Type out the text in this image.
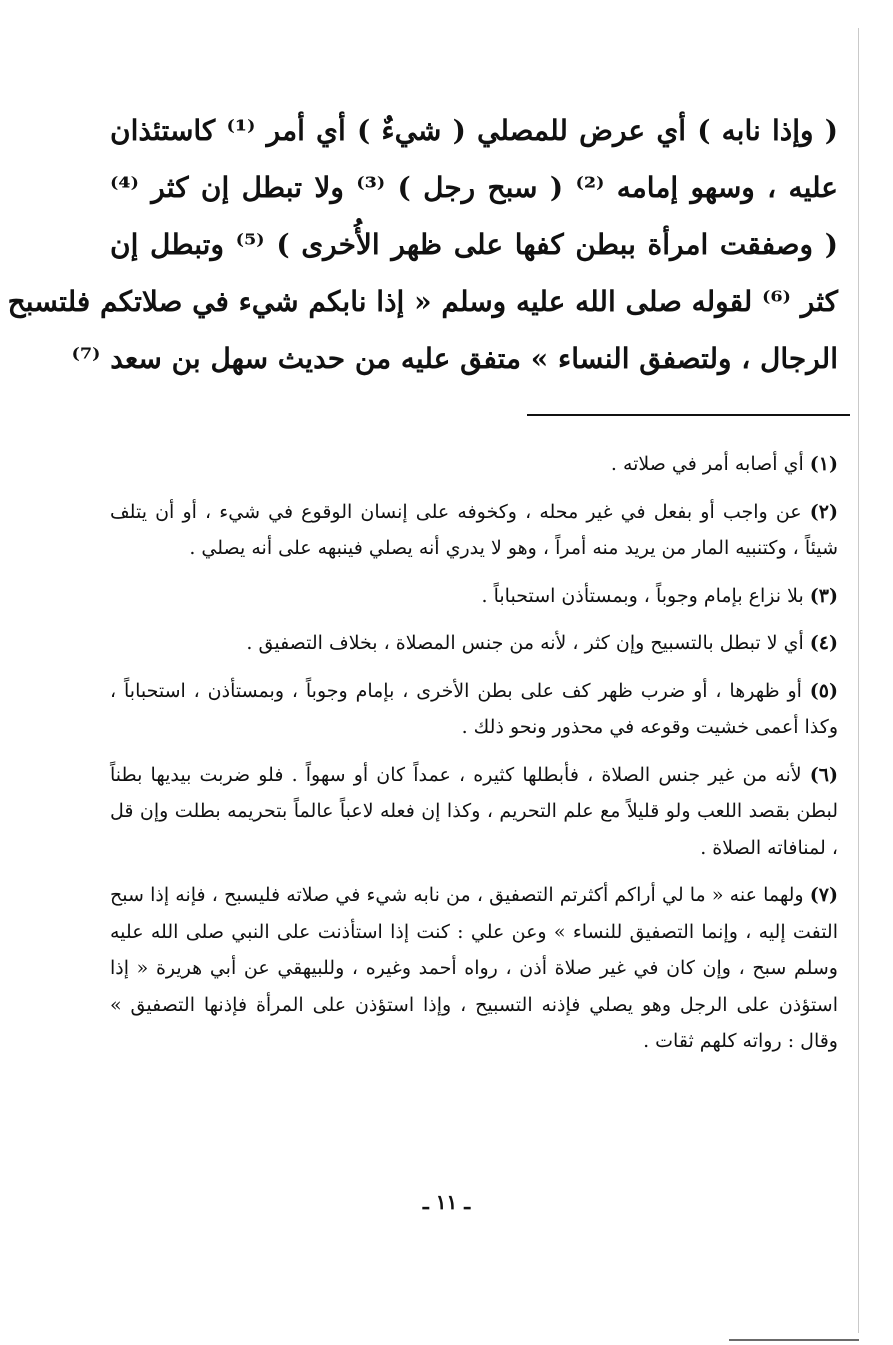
( وإذا نابه ) أي عرض للمصلي ( شيءٌ ) أي أمر ⁽¹⁾ كاستئذان
عليه ، وسهو إمامه ⁽²⁾ ( سبح رجل ) ⁽³⁾ ولا تبطل إن كثر ⁽⁴⁾
( وصفقت امرأة ببطن كفها على ظهر الأُخرى ) ⁽⁵⁾ وتبطل إن
كثر ⁽⁶⁾ لقوله صلى الله عليه وسلم « إذا نابكم شيء في صلاتكم فلتسبح
الرجال ، ولتصفق النساء » متفق عليه من حديث سهل بن سعد ⁽⁷⁾

(١) أي أصابه أمر في صلاته .

(٢) عن واجب أو بفعل في غير محله ، وكخوفه على إنسان الوقوع في شيء ، أو أن يتلف شيئاً ، وكتنبيه المار من يريد منه أمراً ، وهو لا يدري أنه يصلي فينبهه على أنه يصلي .

(٣) بلا نزاع بإمام وجوباً ، وبمستأذن استحباباً .

(٤) أي لا تبطل بالتسبيح وإن كثر ، لأنه من جنس المصلاة ، بخلاف التصفيق .

(٥) أو ظهرها ، أو ضرب ظهر كف على بطن الأخرى ، بإمام وجوباً ، وبمستأذن ، استحباباً ، وكذا أعمى خشيت وقوعه في محذور ونحو ذلك .

(٦) لأنه من غير جنس الصلاة ، فأبطلها كثيره ، عمداً كان أو سهواً . فلو ضربت بيديها بطناً لبطن بقصد اللعب ولو قليلاً مع علم التحريم ، وكذا إن فعله لاعباً عالماً بتحريمه بطلت وإن قل ، لمنافاته الصلاة .

(٧) ولهما عنه « ما لي أراكم أكثرتم التصفيق ، من نابه شيء في صلاته فليسبح ، فإنه إذا سبح التفت إليه ، وإنما التصفيق للنساء » وعن علي : كنت إذا استأذنت على النبي صلى الله عليه وسلم سبح ، وإن كان في غير صلاة أذن ، رواه أحمد وغيره ، وللبيهقي عن أبي هريرة « إذا استؤذن على الرجل وهو يصلي فإذنه التسبيح ، وإذا استؤذن على المرأة فإذنها التصفيق » وقال : رواته كلهم ثقات .

ـ ١١ ـ
